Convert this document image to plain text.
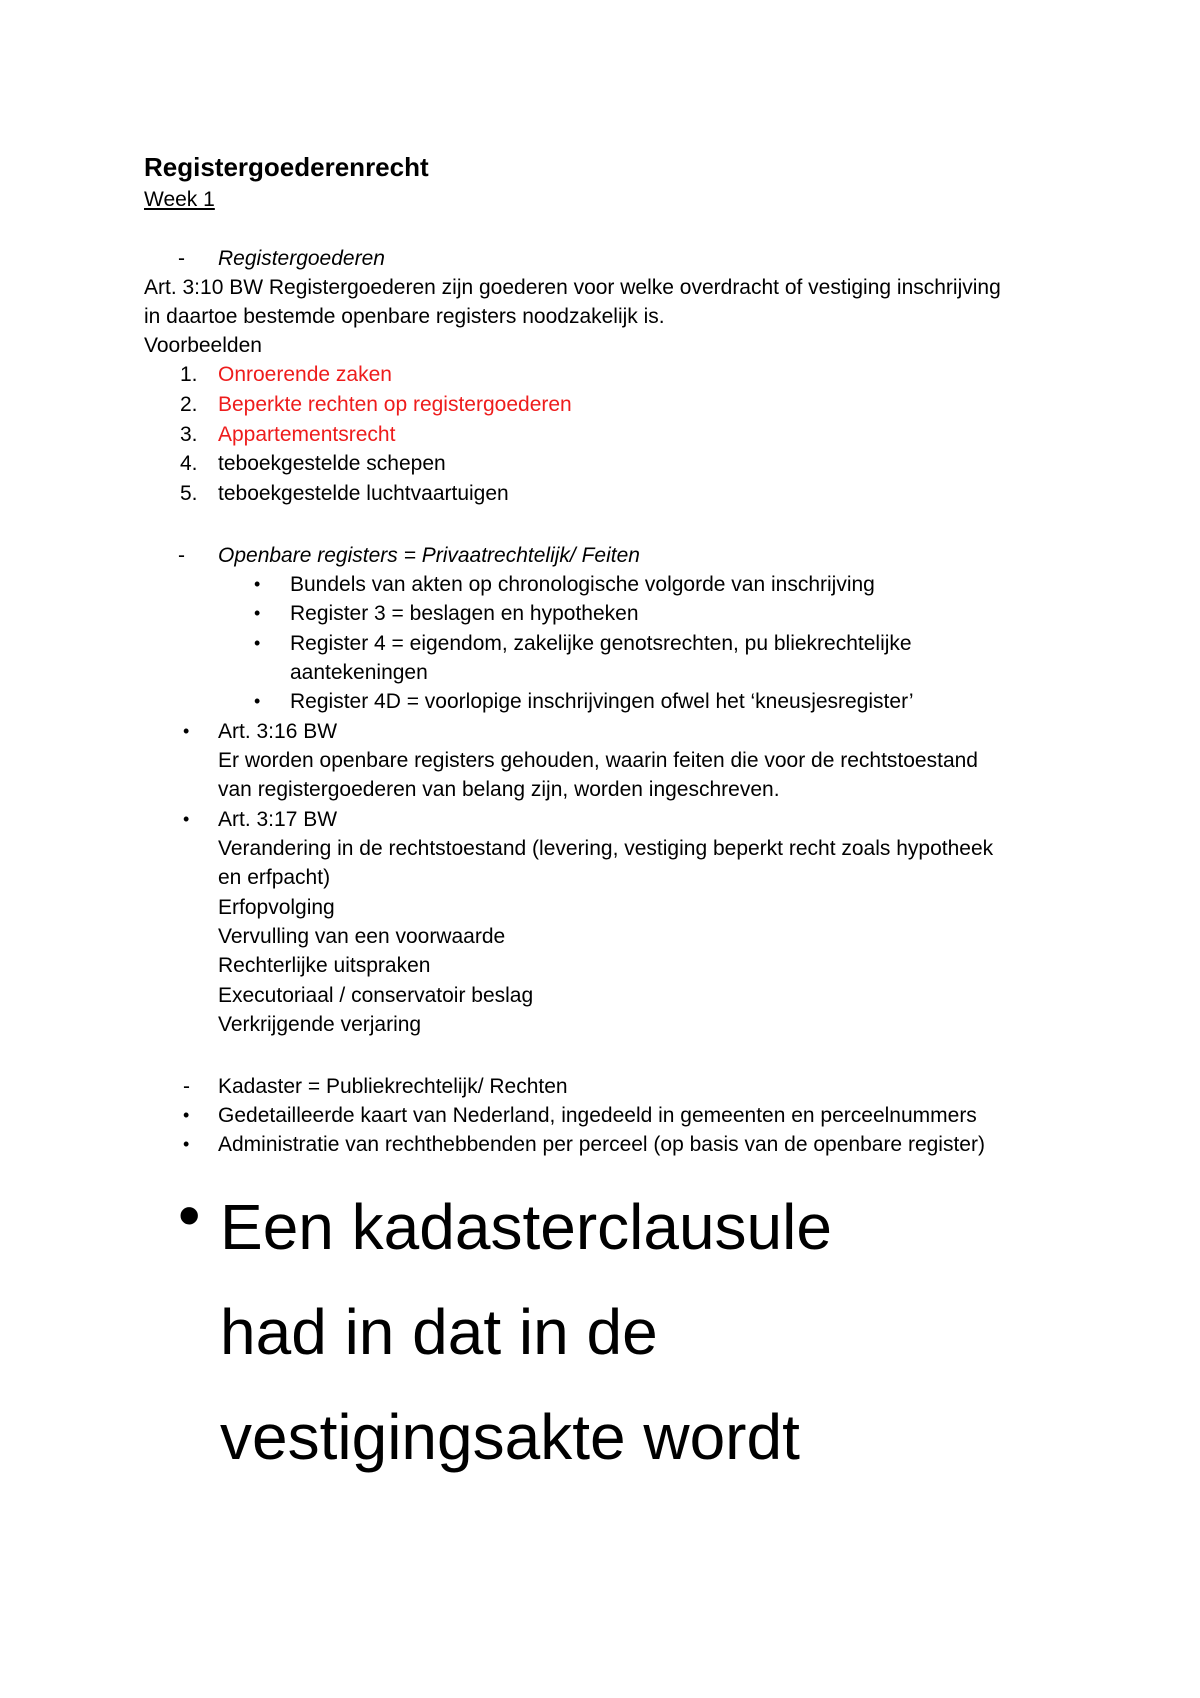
Registergoederenrecht
Week 1
- Registergoederen
Art. 3:10 BW Registergoederen zijn goederen voor welke overdracht of vestiging inschrijving
in daartoe bestemde openbare registers noodzakelijk is.
Voorbeelden
1. Onroerende zaken
2. Beperkte rechten op registergoederen
3. Appartementsrecht
4. teboekgestelde schepen
5. teboekgestelde luchtvaartuigen
- Openbare registers = Privaatrechtelijk/ Feiten
• Bundels van akten op chronologische volgorde van inschrijving
• Register 3 = beslagen en hypotheken
• Register 4 = eigendom, zakelijke genotsrechten, pu bliekrechtelijke
aantekeningen
• Register 4D = voorlopige inschrijvingen ofwel het ‘kneusjesregister’
• Art. 3:16 BW
Er worden openbare registers gehouden, waarin feiten die voor de rechtstoestand
van registergoederen van belang zijn, worden ingeschreven.
• Art. 3:17 BW
Verandering in de rechtstoestand (levering, vestiging beperkt recht zoals hypotheek
en erfpacht)
Erfopvolging
Vervulling van een voorwaarde
Rechterlijke uitspraken
Executoriaal / conservatoir beslag
Verkrijgende verjaring
- Kadaster = Publiekrechtelijk/ Rechten
• Gedetailleerde kaart van Nederland, ingedeeld in gemeenten en perceelnummers
• Administratie van rechthebbenden per perceel (op basis van de openbare register)
• Een kadasterclausule
had in dat in de
vestigingsakte wordt
